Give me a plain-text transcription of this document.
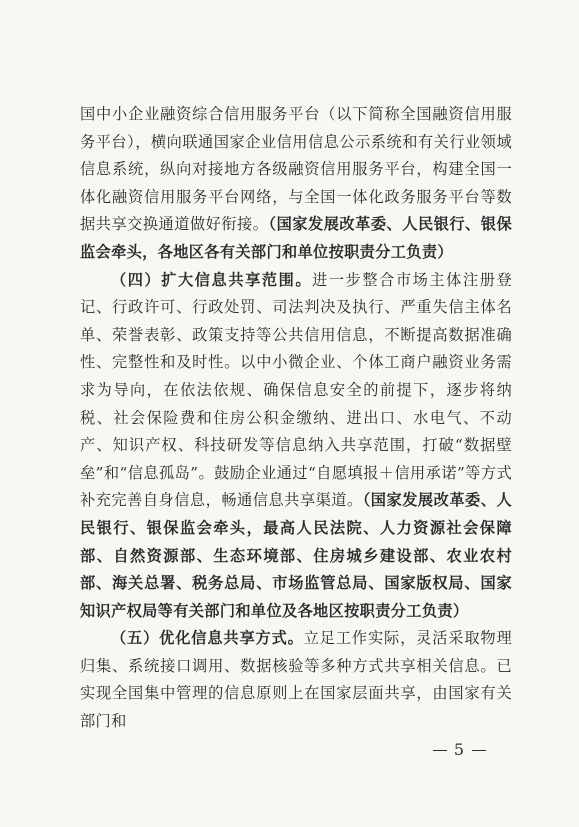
国中小企业融资综合信用服务平台（以下简称全国融资信用服务平台），横向联通国家企业信用信息公示系统和有关行业领域信息系统，纵向对接地方各级融资信用服务平台，构建全国一体化融资信用服务平台网络，与全国一体化政务服务平台等数据共享交换通道做好衔接。（国家发展改革委、人民银行、银保监会牵头，各地区各有关部门和单位按职责分工负责）

（四）扩大信息共享范围。进一步整合市场主体注册登记、行政许可、行政处罚、司法判决及执行、严重失信主体名单、荣誉表彰、政策支持等公共信用信息，不断提高数据准确性、完整性和及时性。以中小微企业、个体工商户融资业务需求为导向，在依法依规、确保信息安全的前提下，逐步将纳税、社会保险费和住房公积金缴纳、进出口、水电气、不动产、知识产权、科技研发等信息纳入共享范围，打破“数据壁垒”和“信息孤岛”。鼓励企业通过“自愿填报＋信用承诺”等方式补充完善自身信息，畅通信息共享渠道。（国家发展改革委、人民银行、银保监会牵头，最高人民法院、人力资源社会保障部、自然资源部、生态环境部、住房城乡建设部、农业农村部、海关总署、税务总局、市场监管总局、国家版权局、国家知识产权局等有关部门和单位及各地区按职责分工负责）

（五）优化信息共享方式。立足工作实际，灵活采取物理归集、系统接口调用、数据核验等多种方式共享相关信息。已实现全国集中管理的信息原则上在国家层面共享，由国家有关部门和

5
